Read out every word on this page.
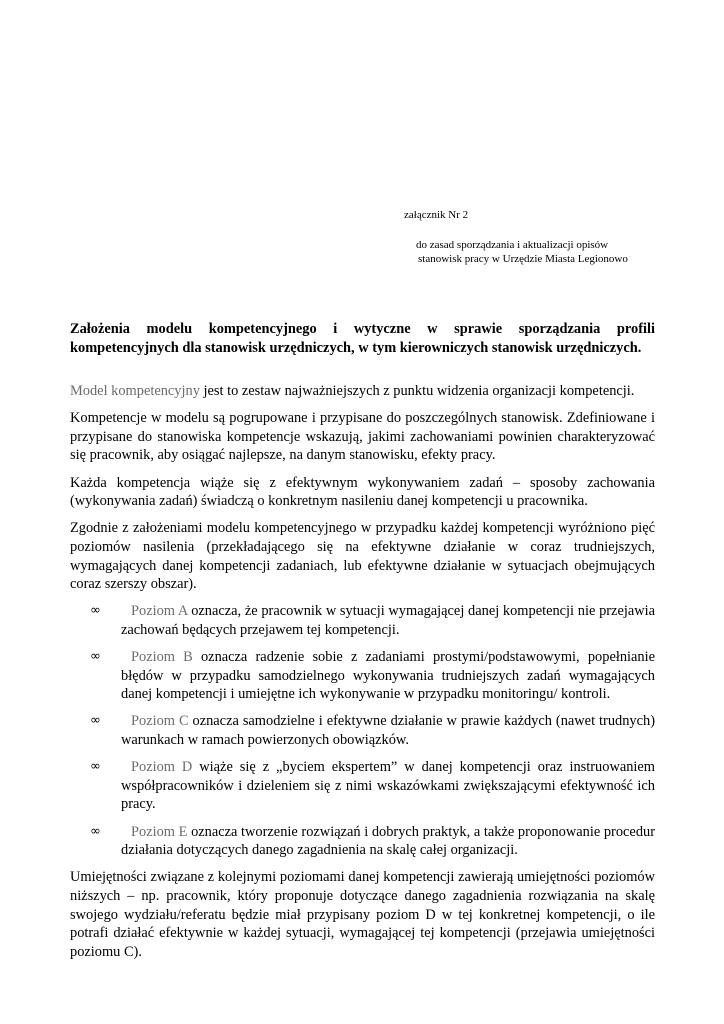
załącznik Nr 2
do zasad sporządzania i aktualizacji opisów
stanowisk pracy w Urzędzie Miasta Legionowo
Założenia modelu kompetencyjnego i wytyczne w sprawie sporządzania profili kompetencyjnych dla stanowisk urzędniczych, w tym kierowniczych stanowisk urzędniczych.

Model kompetencyjny jest to zestaw najważniejszych z punktu widzenia organizacji kompetencji.

Kompetencje w modelu są pogrupowane i przypisane do poszczególnych stanowisk. Zdefiniowane i przypisane do stanowiska kompetencje wskazują, jakimi zachowaniami powinien charakteryzować się pracownik, aby osiągać najlepsze, na danym stanowisku, efekty pracy.

Każda kompetencja wiąże się z efektywnym wykonywaniem zadań – sposoby zachowania (wykonywania zadań) świadczą o konkretnym nasileniu danej kompetencji u pracownika.

Zgodnie z założeniami modelu kompetencyjnego w przypadku każdej kompetencji wyróżniono pięć poziomów nasilenia (przekładającego się na efektywne działanie w coraz trudniejszych, wymagających danej kompetencji zadaniach, lub efektywne działanie w sytuacjach obejmujących coraz szerszy obszar).

∞ Poziom A oznacza, że pracownik w sytuacji wymagającej danej kompetencji nie przejawia zachowań będących przejawem tej kompetencji.
∞ Poziom B oznacza radzenie sobie z zadaniami prostymi/podstawowymi, popełnianie błędów w przypadku samodzielnego wykonywania trudniejszych zadań wymagających danej kompetencji i umiejętne ich wykonywanie w przypadku monitoringu/ kontroli.
∞ Poziom C oznacza samodzielne i efektywne działanie w prawie każdych (nawet trudnych) warunkach w ramach powierzonych obowiązków.
∞ Poziom D wiąże się z „byciem ekspertem” w danej kompetencji oraz instruowaniem współpracowników i dzieleniem się z nimi wskazówkami zwiększającymi efektywność ich pracy.
∞ Poziom E oznacza tworzenie rozwiązań i dobrych praktyk, a także proponowanie procedur działania dotyczących danego zagadnienia na skalę całej organizacji.

Umiejętności związane z kolejnymi poziomami danej kompetencji zawierają umiejętności poziomów niższych – np. pracownik, który proponuje dotyczące danego zagadnienia rozwiązania na skalę swojego wydziału/referatu będzie miał przypisany poziom D w tej konkretnej kompetencji, o ile potrafi działać efektywnie w każdej sytuacji, wymagającej tej kompetencji (przejawia umiejętności poziomu C).
